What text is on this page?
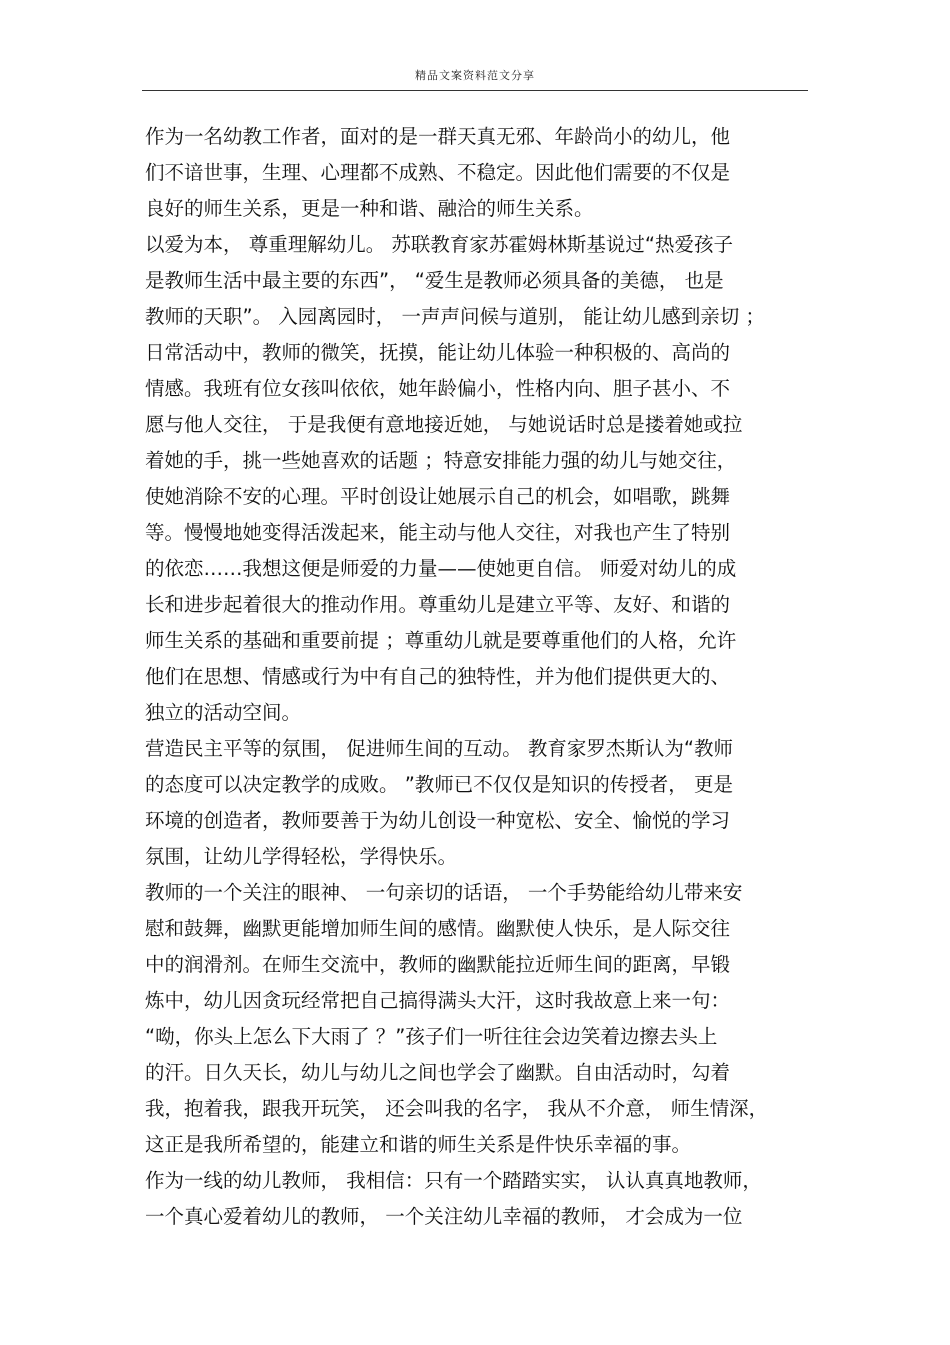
精品文案资料范文分享
作为一名幼教工作者，面对的是一群天真无邪、年龄尚小的幼儿，他
们不谙世事，生理、心理都不成熟、不稳定。因此他们需要的不仅是
良好的师生关系，更是一种和谐、融洽的师生关系。
以爱为本， 尊重理解幼儿。 苏联教育家苏霍姆林斯基说过“热爱孩子
是教师生活中最主要的东西”， “爱生是教师必须具备的美德， 也是
教师的天职”。 入园离园时， 一声声问候与道别， 能让幼儿感到亲切 ；
日常活动中，教师的微笑，抚摸，能让幼儿体验一种积极的、高尚的
情感。我班有位女孩叫依依，她年龄偏小，性格内向、胆子甚小、不
愿与他人交往， 于是我便有意地接近她， 与她说话时总是搂着她或拉
着她的手，挑一些她喜欢的话题 ；特意安排能力强的幼儿与她交往，
使她消除不安的心理。平时创设让她展示自己的机会，如唱歌，跳舞
等。慢慢地她变得活泼起来，能主动与他人交往，对我也产生了特别
的依恋……我想这便是师爱的力量——使她更自信。 师爱对幼儿的成
长和进步起着很大的推动作用。尊重幼儿是建立平等、友好、和谐的
师生关系的基础和重要前提 ；尊重幼儿就是要尊重他们的人格，允许
他们在思想、情感或行为中有自己的独特性，并为他们提供更大的、
独立的活动空间。
营造民主平等的氛围， 促进师生间的互动。 教育家罗杰斯认为“教师
的态度可以决定教学的成败。 ”教师已不仅仅是知识的传授者， 更是
环境的创造者，教师要善于为幼儿创设一种宽松、安全、愉悦的学习
氛围，让幼儿学得轻松，学得快乐。
教师的一个关注的眼神、 一句亲切的话语， 一个手势能给幼儿带来安
慰和鼓舞，幽默更能增加师生间的感情。幽默使人快乐，是人际交往
中的润滑剂。在师生交流中，教师的幽默能拉近师生间的距离，早锻
炼中，幼儿因贪玩经常把自己搞得满头大汗，这时我故意上来一句：
“呦，你头上怎么下大雨了 ？”孩子们一听往往会边笑着边擦去头上
的汗。日久天长，幼儿与幼儿之间也学会了幽默。自由活动时，勾着
我，抱着我，跟我开玩笑， 还会叫我的名字， 我从不介意， 师生情深，
这正是我所希望的，能建立和谐的师生关系是件快乐幸福的事。
作为一线的幼儿教师， 我相信：只有一个踏踏实实， 认认真真地教师，
一个真心爱着幼儿的教师， 一个关注幼儿幸福的教师， 才会成为一位
